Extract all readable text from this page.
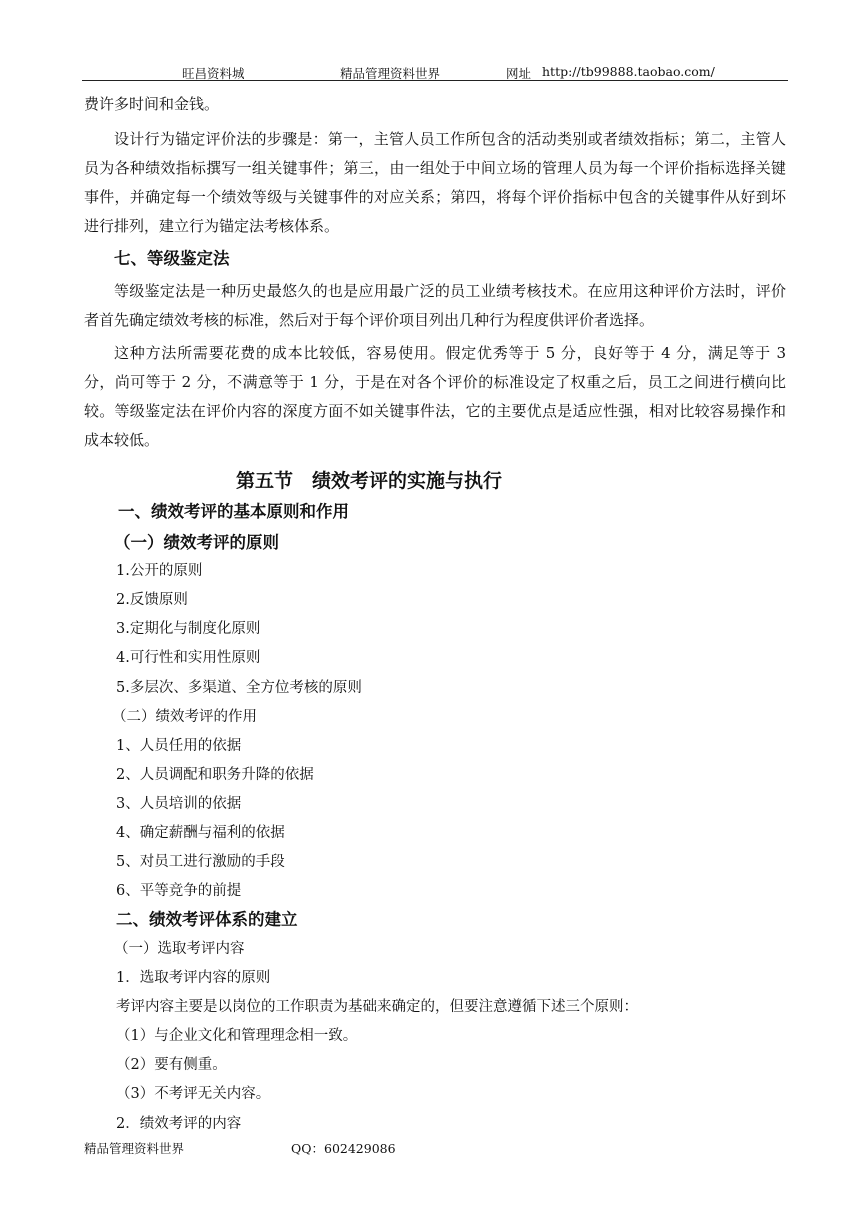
旺昌资料城	精品管理资料世界	网址 http://tb99888.taobao.com/

费许多时间和金钱。

设计行为锚定评价法的步骤是：第一，主管人员工作所包含的活动类别或者绩效指标；第二，主管人员为各种绩效指标撰写一组关键事件；第三，由一组处于中间立场的管理人员为每一个评价指标选择关键事件，并确定每一个绩效等级与关键事件的对应关系；第四，将每个评价指标中包含的关键事件从好到坏进行排列，建立行为锚定法考核体系。

七、等级鉴定法

等级鉴定法是一种历史最悠久的也是应用最广泛的员工业绩考核技术。在应用这种评价方法时，评价者首先确定绩效考核的标准，然后对于每个评价项目列出几种行为程度供评价者选择。

这种方法所需要花费的成本比较低，容易使用。假定优秀等于 5 分，良好等于 4 分，满足等于 3 分，尚可等于 2 分，不满意等于 1 分，于是在对各个评价的标准设定了权重之后，员工之间进行横向比较。等级鉴定法在评价内容的深度方面不如关键事件法，它的主要优点是适应性强，相对比较容易操作和成本较低。

第五节　绩效考评的实施与执行

一、绩效考评的基本原则和作用

（一）绩效考评的原则

1.公开的原则

2.反馈原则

3.定期化与制度化原则

4.可行性和实用性原则

5.多层次、多渠道、全方位考核的原则

（二）绩效考评的作用

1、人员任用的依据

2、人员调配和职务升降的依据

3、人员培训的依据

4、确定薪酬与福利的依据

5、对员工进行激励的手段

6、平等竞争的前提

二、绩效考评体系的建立

（一）选取考评内容

1．选取考评内容的原则

考评内容主要是以岗位的工作职责为基础来确定的，但要注意遵循下述三个原则：

（1）与企业文化和管理理念相一致。

（2）要有侧重。

（3）不考评无关内容。

2．绩效考评的内容

精品管理资料世界	QQ：602429086
